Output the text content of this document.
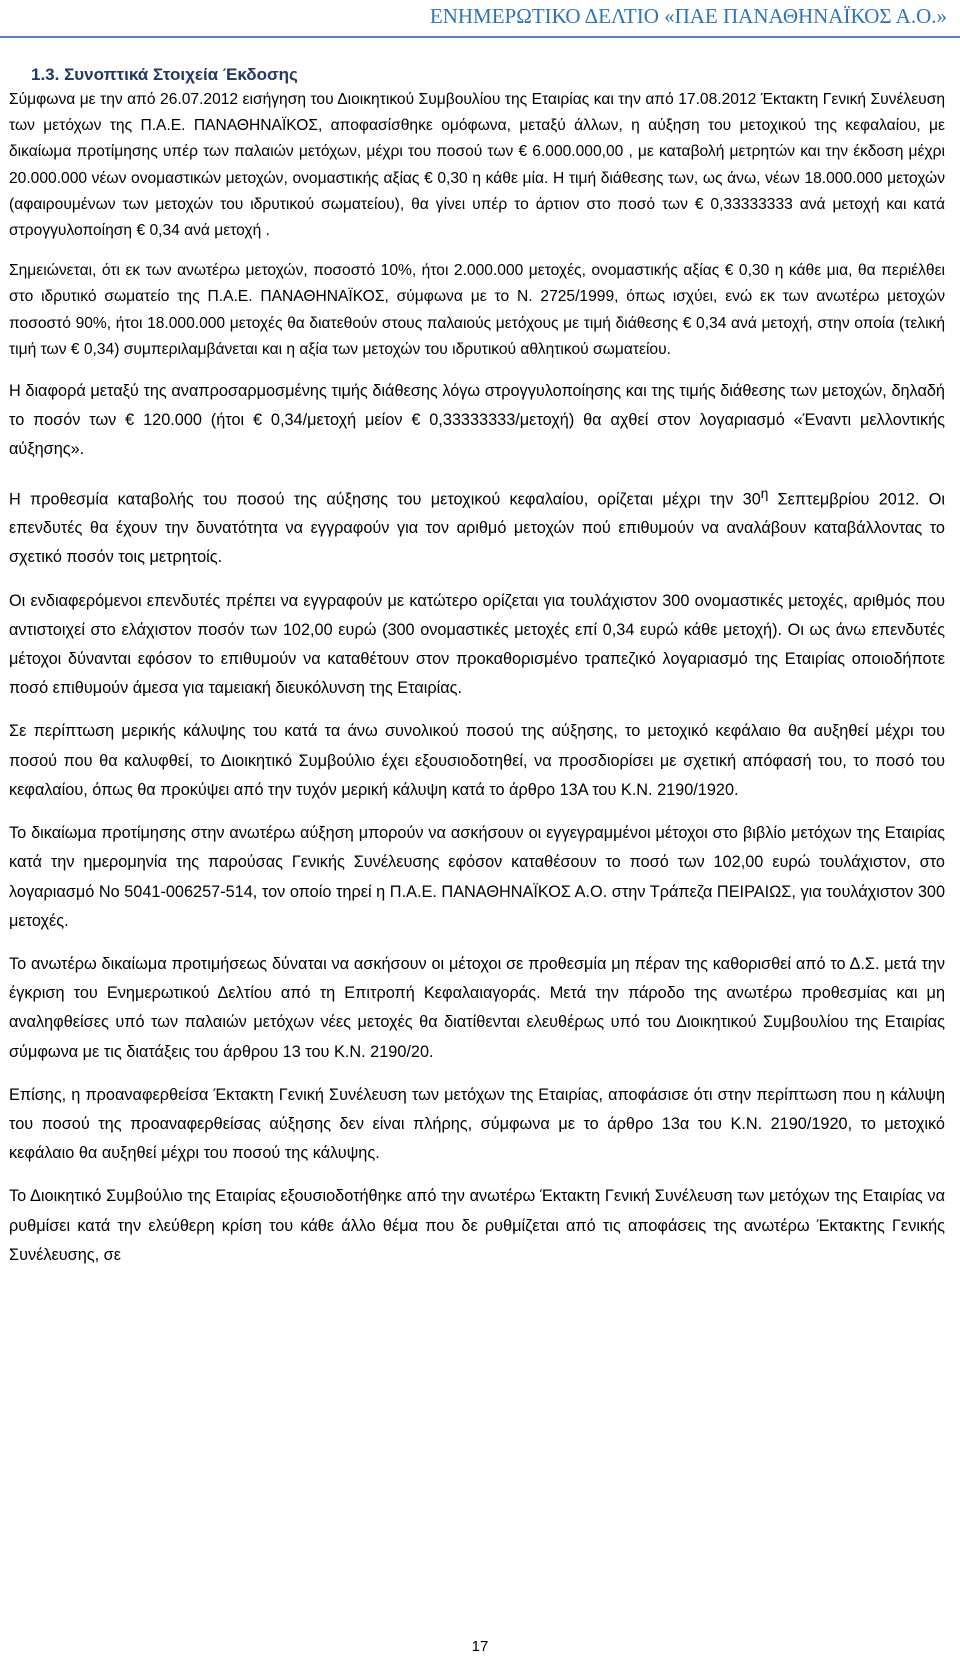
ΕΝΗΜΕΡΩΤΙΚΟ ΔΕΛΤΙΟ «ΠΑΕ ΠΑΝΑΘΗΝΑΪΚΟΣ Α.Ο.»
1.3. Συνοπτικά Στοιχεία Έκδοσης

Σύμφωνα με την από 26.07.2012 εισήγηση του Διοικητικού Συμβουλίου της Εταιρίας και την από 17.08.2012 Έκτακτη Γενική Συνέλευση των μετόχων της Π.Α.Ε. ΠΑΝΑΘΗΝΑΪΚΟΣ, αποφασίσθηκε ομόφωνα, μεταξύ άλλων, η αύξηση του μετοχικού της κεφαλαίου, με δικαίωμα προτίμησης υπέρ των παλαιών μετόχων, μέχρι του ποσού των € 6.000.000,00 , με καταβολή μετρητών και την έκδοση μέχρι 20.000.000 νέων ονομαστικών μετοχών, ονομαστικής αξίας € 0,30 η κάθε μία. Η τιμή διάθεσης των, ως άνω, νέων 18.000.000 μετοχών (αφαιρουμένων των μετοχών του ιδρυτικού σωματείου), θα γίνει υπέρ το άρτιον στο ποσό των € 0,33333333 ανά μετοχή και κατά στρογγυλοποίηση € 0,34 ανά μετοχή .

Σημειώνεται, ότι εκ των ανωτέρω μετοχών, ποσοστό 10%, ήτοι 2.000.000 μετοχές, ονομαστικής αξίας € 0,30 η κάθε μια, θα περιέλθει στο ιδρυτικό σωματείο της Π.Α.Ε. ΠΑΝΑΘΗΝΑΪΚΟΣ, σύμφωνα με το Ν. 2725/1999, όπως ισχύει, ενώ εκ των ανωτέρω μετοχών ποσοστό 90%, ήτοι 18.000.000 μετοχές θα διατεθούν στους παλαιούς μετόχους με τιμή διάθεσης € 0,34 ανά μετοχή, στην οποία (τελική τιμή των € 0,34) συμπεριλαμβάνεται και η αξία των μετοχών του ιδρυτικού αθλητικού σωματείου.

Η διαφορά μεταξύ της αναπροσαρμοσμένης τιμής διάθεσης λόγω στρογγυλοποίησης και της τιμής διάθεσης των μετοχών, δηλαδή το ποσόν των € 120.000 (ήτοι € 0,34/μετοχή μείον € 0,33333333/μετοχή) θα αχθεί στον λογαριασμό «Έναντι μελλοντικής αύξησης».

Η προθεσμία καταβολής του ποσού της αύξησης του μετοχικού κεφαλαίου, ορίζεται μέχρι την $30^\eta$ Σεπτεμβρίου 2012. Οι επενδυτές θα έχουν την δυνατότητα να εγγραφούν για τον αριθμό μετοχών πού επιθυμούν να αναλάβουν καταβάλλοντας το σχετικό ποσόν τοις μετρητοίς.

Οι ενδιαφερόμενοι επενδυτές πρέπει να εγγραφούν με κατώτερο ορίζεται για τουλάχιστον 300 ονομαστικές μετοχές, αριθμός που αντιστοιχεί στο ελάχιστον ποσόν των 102,00 ευρώ (300 ονομαστικές μετοχές επί 0,34 ευρώ κάθε μετοχή). Οι ως άνω επενδυτές μέτοχοι δύνανται εφόσον το επιθυμούν να καταθέτουν στον προκαθορισμένο τραπεζικό λογαριασμό της Εταιρίας οποιοδήποτε ποσό επιθυμούν άμεσα για ταμειακή διευκόλυνση της Εταιρίας.

Σε περίπτωση μερικής κάλυψης του κατά τα άνω συνολικού ποσού της αύξησης, το μετοχικό κεφάλαιο θα αυξηθεί μέχρι του ποσού που θα καλυφθεί, το Διοικητικό Συμβούλιο έχει εξουσιοδοτηθεί, να προσδιορίσει με σχετική απόφασή του, το ποσό του κεφαλαίου, όπως θα προκύψει από την τυχόν μερική κάλυψη κατά το άρθρο 13Α του Κ.Ν. 2190/1920.

Το δικαίωμα προτίμησης στην ανωτέρω αύξηση μπορούν να ασκήσουν οι εγγεγραμμένοι μέτοχοι στο βιβλίο μετόχων της Εταιρίας κατά την ημερομηνία της παρούσας Γενικής Συνέλευσης εφόσον καταθέσουν το ποσό των 102,00 ευρώ τουλάχιστον, στο λογαριασμό Νο 5041-006257-514, τον οποίο τηρεί η Π.Α.Ε. ΠΑΝΑΘΗΝΑΪΚΟΣ Α.Ο. στην Τράπεζα ΠΕΙΡΑΙΩΣ, για τουλάχιστον 300 μετοχές.

Το ανωτέρω δικαίωμα προτιμήσεως δύναται να ασκήσουν οι μέτοχοι σε προθεσμία μη πέραν της καθορισθεί από το Δ.Σ. μετά την έγκριση του Ενημερωτικού Δελτίου από τη Επιτροπή Κεφαλαιαγοράς. Μετά την πάροδο της ανωτέρω προθεσμίας και μη αναληφθείσες υπό των παλαιών μετόχων νέες μετοχές θα διατίθενται ελευθέρως υπό του Διοικητικού Συμβουλίου της Εταιρίας σύμφωνα με τις διατάξεις του άρθρου 13 του Κ.Ν. 2190/20.

Επίσης, η προαναφερθείσα Έκτακτη Γενική Συνέλευση των μετόχων της Εταιρίας, αποφάσισε ότι στην περίπτωση που η κάλυψη του ποσού της προαναφερθείσας αύξησης δεν είναι πλήρης, σύμφωνα με το άρθρο 13α του Κ.Ν. 2190/1920, το μετοχικό κεφάλαιο θα αυξηθεί μέχρι του ποσού της κάλυψης.

Το Διοικητικό Συμβούλιο της Εταιρίας εξουσιοδοτήθηκε από την ανωτέρω Έκτακτη Γενική Συνέλευση των μετόχων της Εταιρίας να ρυθμίσει κατά την ελεύθερη κρίση του κάθε άλλο θέμα που δε ρυθμίζεται από τις αποφάσεις της ανωτέρω Έκτακτης Γενικής Συνέλευσης, σε

17
